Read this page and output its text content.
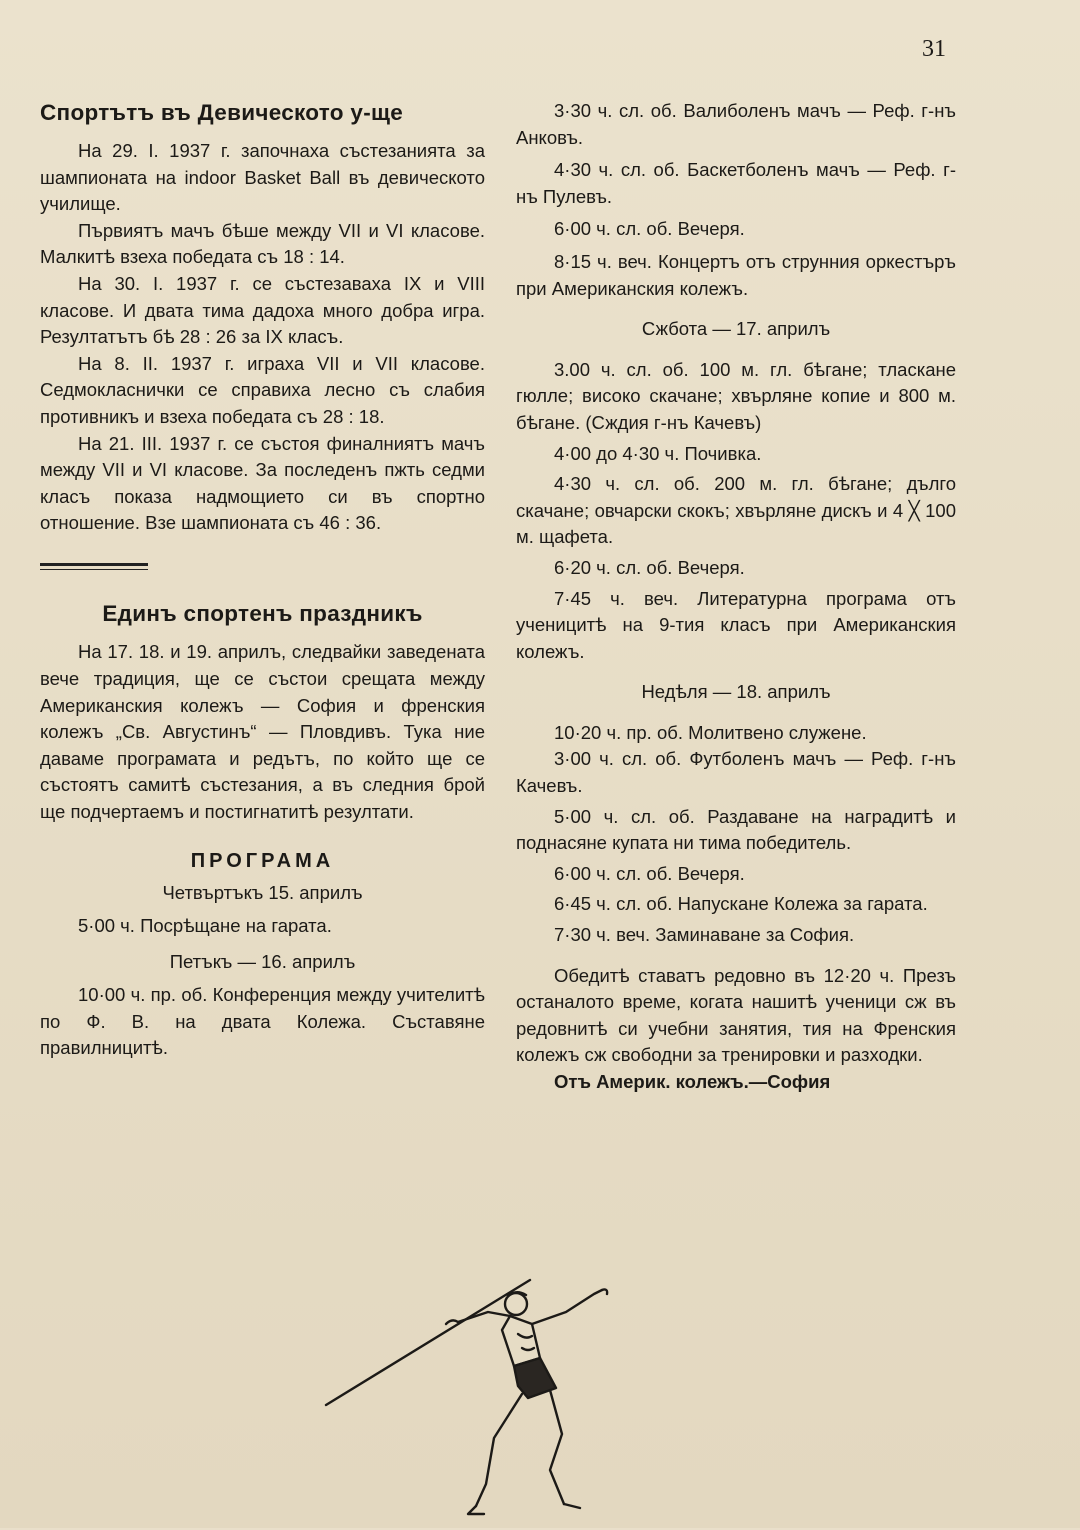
31
Спортътъ въ Девическото у-ще

На 29. I. 1937 г. започнаха състезанията за шампионата на indoor Basket Ball въ девическото училище.

Първиятъ мачъ бѣше между VII и VI класове. Малкитѣ взеха победата съ 18 : 14.

На 30. I. 1937 г. се състезаваха IX и VIII класове. И двата тима дадоха много добра игра. Резултатътъ бѣ 28 : 26 за IX класъ.

На 8. II. 1937 г. играха VII и VII класове. Седмокласнички се справиха лесно съ слабия противникъ и взеха победата съ 28 : 18.

На 21. III. 1937 г. се състоя финалниятъ мачъ между VII и VI класове. За последенъ пжть седми класъ показа надмощието си въ спортно отношение. Взе шампионата съ 46 : 36.

Единъ спортенъ праздникъ

На 17. 18. и 19. априлъ, следвайки заведената вече традиция, ще се състои срещата между Американския колежъ — София и френския колежъ „Св. Августинъ“ — Пловдивъ. Тука ние даваме програмата и редътъ, по който ще се състоятъ самитѣ състезания, а въ следния брой ще подчертаемъ и постигнатитѣ резултати.

ПРОГРАМА

Четвъртъкъ 15. априлъ

5·00 ч. Посрѣщане на гарата.

Петъкъ — 16. априлъ

10·00 ч. пр. об. Конференция между учителитѣ по Ф. В. на двата Колежа. Съставяне правилницитѣ.

3·30 ч. сл. об. Валиболенъ мачъ — Реф. г-нъ Анковъ.

4·30 ч. сл. об. Баскетболенъ мачъ — Реф. г-нъ Пулевъ.

6·00 ч. сл. об. Вечеря.

8·15 ч. веч. Концертъ отъ струнния оркестъръ при Американския колежъ.

Сжбота — 17. априлъ

3.00 ч. сл. об. 100 м. гл. бѣгане; тласкане гюлле; високо скачане; хвърляне копие и 800 м. бѣгане. (Сждия г-нъ Качевъ)

4·00 до 4·30 ч. Почивка.

4·30 ч. сл. об. 200 м. гл. бѣгане; дълго скачане; овчарски скокъ; хвърляне дискъ и 4 ╳ 100 м. щафета.

6·20 ч. сл. об. Вечеря.

7·45 ч. веч. Литературна програма отъ ученицитѣ на 9-тия класъ при Американския колежъ.

Недѣля — 18. априлъ

10·20 ч. пр. об. Молитвено служене.

3·00 ч. сл. об. Футболенъ мачъ — Реф. г-нъ Качевъ.

5·00 ч. сл. об. Раздаване на наградитѣ и поднасяне купата ни тима победитель.

6·00 ч. сл. об. Вечеря.

6·45 ч. сл. об. Напускане Колежа за гарата.

7·30 ч. веч. Заминаване за София.

Обедитѣ ставатъ редовно въ 12·20 ч. Презъ останалото време, когата нашитѣ ученици сж въ редовнитѣ си учебни занятия, тия на Френския колежъ сж свободни за тренировки и разходки.

Отъ Америк. колежъ.—София
